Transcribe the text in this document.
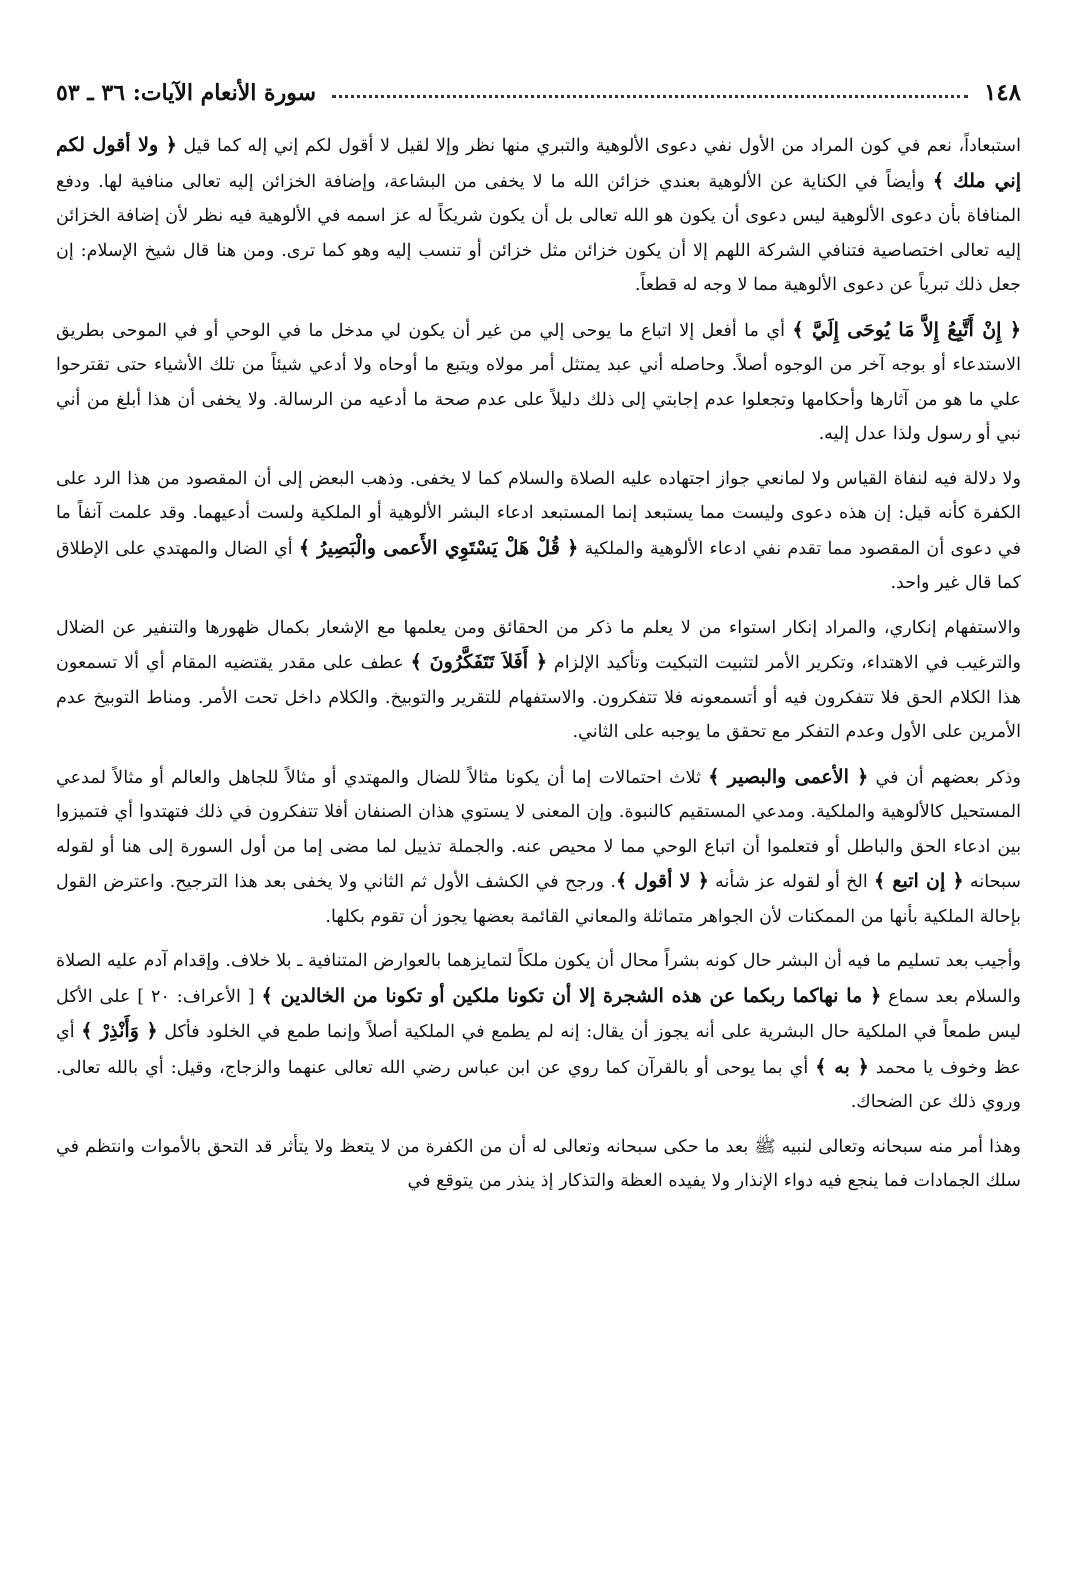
١٤٨
سورة الأنعام الآيات: ٣٦ ـ ٥٣

استبعاداً، نعم في كون المراد من الأول نفي دعوى الألوهية والتبري منها نظر وإلا لقيل لا أقول لكم إني إله كما قيل ﴿ ولا أقول لكم إني ملك ﴾ وأيضاً في الكناية عن الألوهية بعندي خزائن الله ما لا يخفى من البشاعة، وإضافة الخزائن إليه تعالى منافية لها. ودفع المنافاة بأن دعوى الألوهية ليس دعوى أن يكون هو الله تعالى بل أن يكون شريكاً له عز اسمه في الألوهية فيه نظر لأن إضافة الخزائن إليه تعالى اختصاصية فتنافي الشركة اللهم إلا أن يكون خزائن مثل خزائن أو تنسب إليه وهو كما ترى. ومن هنا قال شيخ الإسلام: إن جعل ذلك تبرياً عن دعوى الألوهية مما لا وجه له قطعاً.

﴿ إِنْ أَتَّبِعُ إِلاَّ مَا يُوحَى إِلَيَّ ﴾ أي ما أفعل إلا اتباع ما يوحى إلي من غير أن يكون لي مدخل ما في الوحي أو في الموحى بطريق الاستدعاء أو بوجه آخر من الوجوه أصلاً. وحاصله أني عبد يمتثل أمر مولاه ويتبع ما أوحاه ولا أدعي شيئاً من تلك الأشياء حتى تقترحوا علي ما هو من آثارها وأحكامها وتجعلوا عدم إجابتي إلى ذلك دليلاً على عدم صحة ما أدعيه من الرسالة. ولا يخفى أن هذا أبلغ من أني نبي أو رسول ولذا عدل إليه.

ولا دلالة فيه لنفاة القياس ولا لمانعي جواز اجتهاده عليه الصلاة والسلام كما لا يخفى. وذهب البعض إلى أن المقصود من هذا الرد على الكفرة كأنه قيل: إن هذه دعوى وليست مما يستبعد إنما المستبعد ادعاء البشر الألوهية أو الملكية ولست أدعيهما. وقد علمت آنفاً ما في دعوى أن المقصود مما تقدم نفي ادعاء الألوهية والملكية ﴿ قُلْ هَلْ يَسْتَوِي الأَعمى والْبَصِيرُ ﴾ أي الضال والمهتدي على الإطلاق كما قال غير واحد.

والاستفهام إنكاري، والمراد إنكار استواء من لا يعلم ما ذكر من الحقائق ومن يعلمها مع الإشعار بكمال ظهورها والتنفير عن الضلال والترغيب في الاهتداء، وتكرير الأمر لتثبيت التبكيت وتأكيد الإلزام ﴿ أَفَلاَ تَتَفَكَّرُونَ ﴾ عطف على مقدر يقتضيه المقام أي ألا تسمعون هذا الكلام الحق فلا تتفكرون فيه أو أتسمعونه فلا تتفكرون. والاستفهام للتقرير والتوبيخ. والكلام داخل تحت الأمر. ومناط التوبيخ عدم الأمرين على الأول وعدم التفكر مع تحقق ما يوجبه على الثاني.

وذكر بعضهم أن في ﴿ الأعمى والبصير ﴾ ثلاث احتمالات إما أن يكونا مثالاً للضال والمهتدي أو مثالاً للجاهل والعالم أو مثالاً لمدعي المستحيل كالألوهية والملكية. ومدعي المستقيم كالنبوة. وإن المعنى لا يستوي هذان الصنفان أفلا تتفكرون في ذلك فتهتدوا أي فتميزوا بين ادعاء الحق والباطل أو فتعلموا أن اتباع الوحي مما لا محيص عنه. والجملة تذييل لما مضى إما من أول السورة إلى هنا أو لقوله سبحانه ﴿ إن اتبع ﴾ الخ أو لقوله عز شأنه ﴿ لا أقول ﴾. ورجح في الكشف الأول ثم الثاني ولا يخفى بعد هذا الترجيح. واعترض القول بإحالة الملكية بأنها من الممكنات لأن الجواهر متماثلة والمعاني القائمة بعضها يجوز أن تقوم بكلها.

وأجيب بعد تسليم ما فيه أن البشر حال كونه بشراً محال أن يكون ملكاً لتمايزهما بالعوارض المتنافية ـ بلا خلاف. وإقدام آدم عليه الصلاة والسلام بعد سماع ﴿ ما نهاكما ربكما عن هذه الشجرة إلا أن تكونا ملكين أو تكونا من الخالدين ﴾ [ الأعراف: ٢٠ ] على الأكل ليس طمعاً في الملكية حال البشرية على أنه يجوز أن يقال: إنه لم يطمع في الملكية أصلاً وإنما طمع في الخلود فأكل ﴿ وَأَنْذِرْ ﴾ أي عظ وخوف يا محمد ﴿ به ﴾ أي بما يوحى أو بالقرآن كما روي عن ابن عباس رضي الله تعالى عنهما والزجاج، وقيل: أي بالله تعالى. وروي ذلك عن الضحاك.

وهذا أمر منه سبحانه وتعالى لنبيه ﷺ بعد ما حكى سبحانه وتعالى له أن من الكفرة من لا يتعظ ولا يتأثر قد التحق بالأموات وانتظم في سلك الجمادات فما ينجع فيه دواء الإنذار ولا يفيده العظة والتذكار إذ ينذر من يتوقع في
